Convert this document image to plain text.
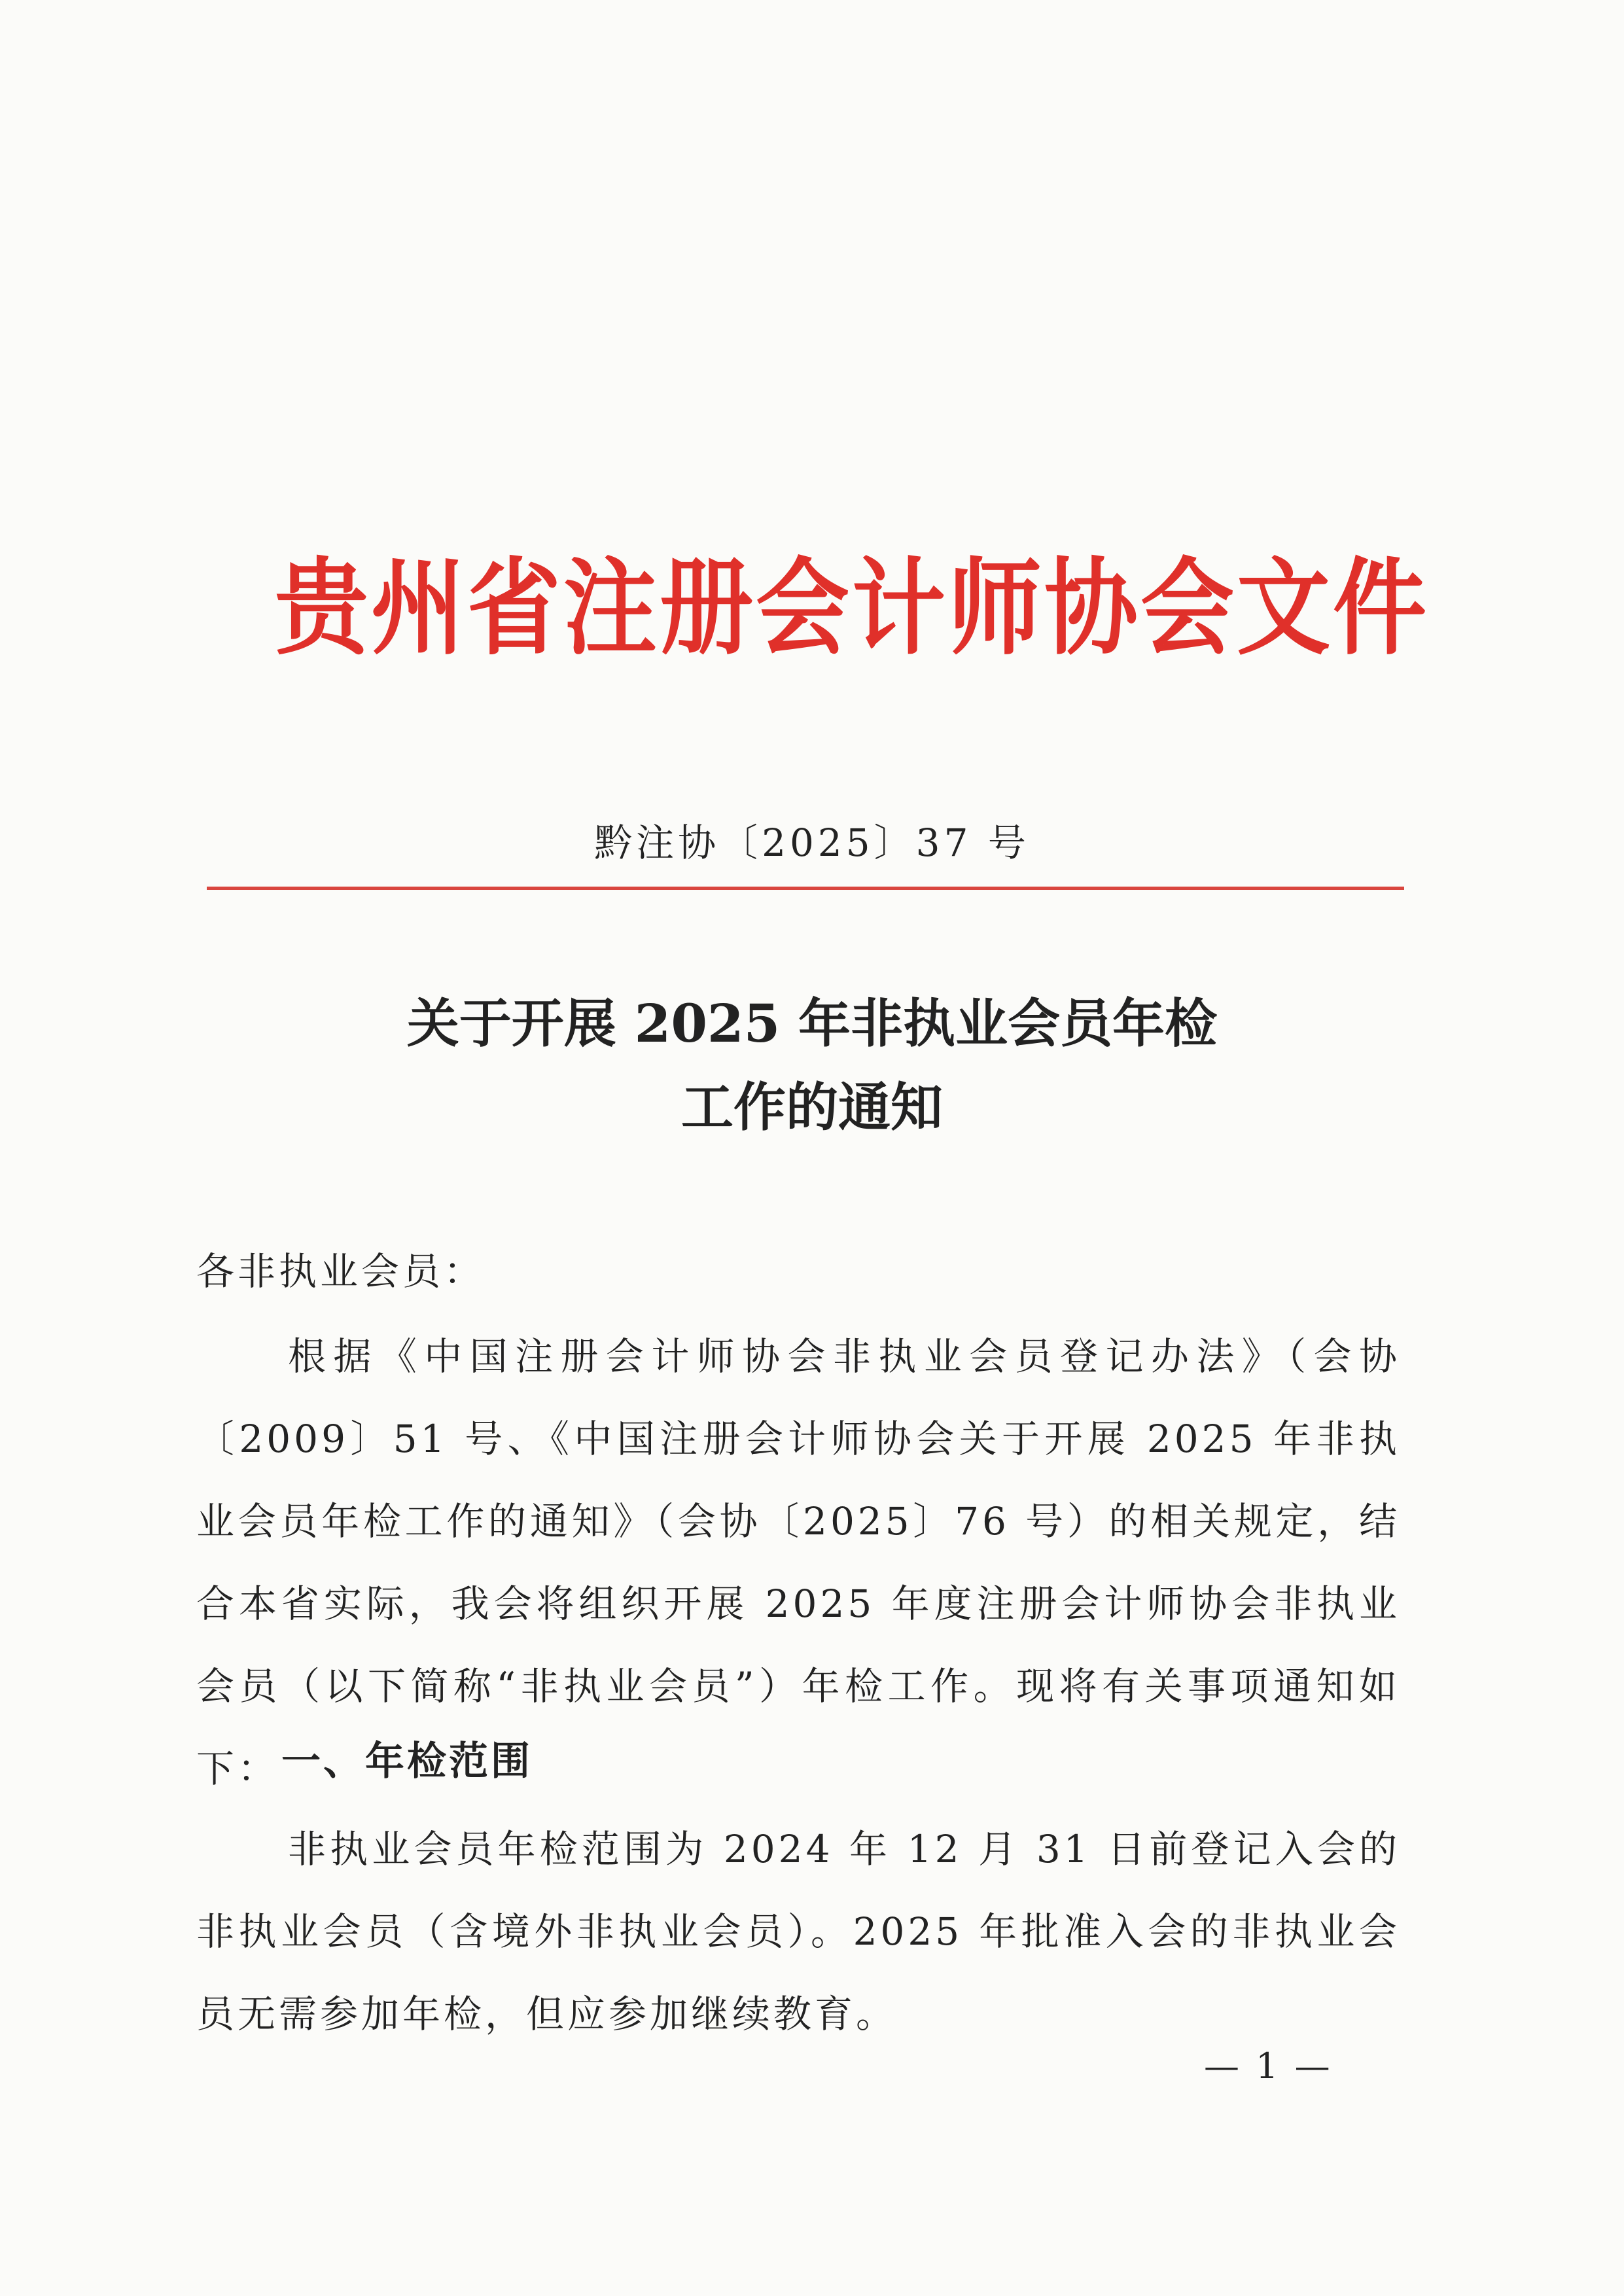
贵州省注册会计师协会文件
黔注协〔2025〕37 号
关于开展 2025 年非执业会员年检
工作的通知
各非执业会员：
根据《中国注册会计师协会非执业会员登记办法》（会协〔2009〕51 号、《中国注册会计师协会关于开展 2025 年非执业会员年检工作的通知》（会协〔2025〕76 号）的相关规定，结合本省实际，我会将组织开展 2025 年度注册会计师协会非执业会员（以下简称“非执业会员”）年检工作。现将有关事项通知如下： 一、年检范围
非执业会员年检范围为 2024 年 12 月 31 日前登记入会的非执业会员（含境外非执业会员）。2025 年批准入会的非执业会员无需参加年检，但应参加继续教育。
— 1 —
